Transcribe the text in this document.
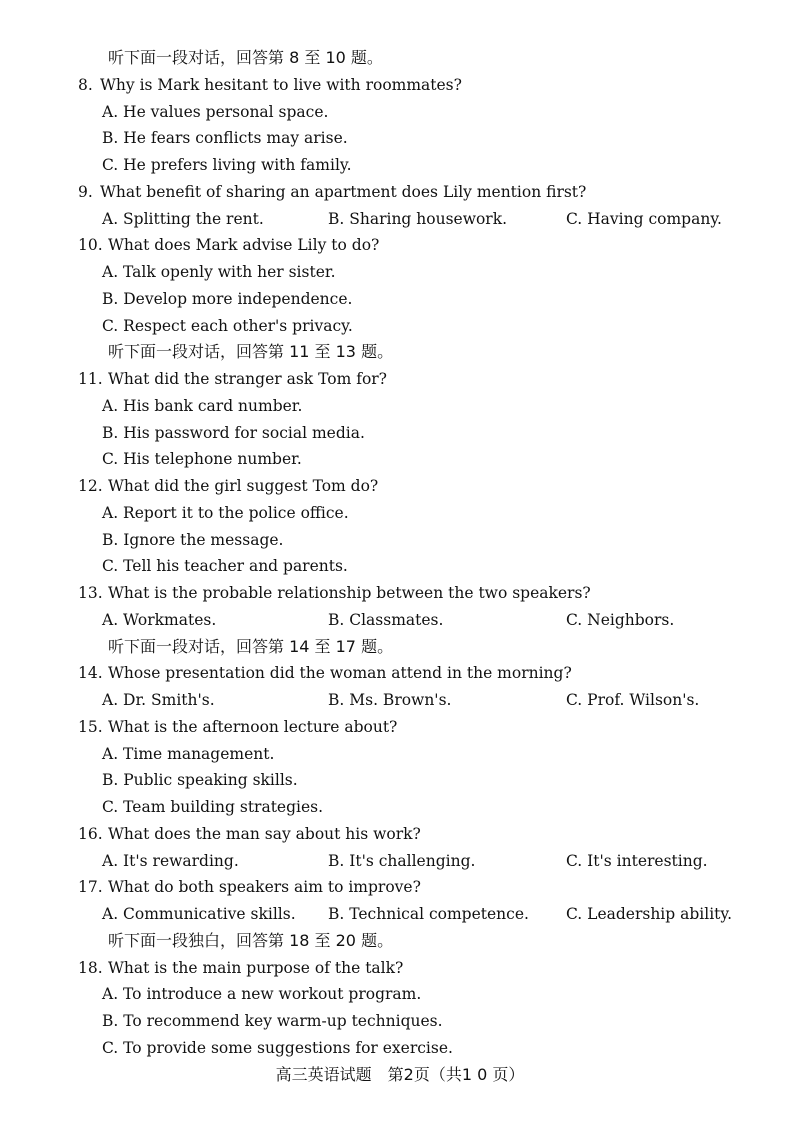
听下面一段对话，回答第 8 至 10 题。
8. Why is Mark hesitant to live with roommates?
A. He values personal space.
B. He fears conflicts may arise.
C. He prefers living with family.
9. What benefit of sharing an apartment does Lily mention first?
A. Splitting the rent.	B. Sharing housework.	C. Having company.
10. What does Mark advise Lily to do?
A. Talk openly with her sister.
B. Develop more independence.
C. Respect each other's privacy.
听下面一段对话，回答第 11 至 13 题。
11. What did the stranger ask Tom for?
A. His bank card number.
B. His password for social media.
C. His telephone number.
12. What did the girl suggest Tom do?
A. Report it to the police office.
B. Ignore the message.
C. Tell his teacher and parents.
13. What is the probable relationship between the two speakers?
A. Workmates.	B. Classmates.	C. Neighbors.
听下面一段对话，回答第 14 至 17 题。
14. Whose presentation did the woman attend in the morning?
A. Dr. Smith's.	B. Ms. Brown's.	C. Prof. Wilson's.
15. What is the afternoon lecture about?
A. Time management.
B. Public speaking skills.
C. Team building strategies.
16. What does the man say about his work?
A. It's rewarding.	B. It's challenging.	C. It's interesting.
17. What do both speakers aim to improve?
A. Communicative skills. B. Technical competence. C. Leadership ability.
听下面一段独白，回答第 18 至 20 题。
18. What is the main purpose of the talk?
A. To introduce a new workout program.
B. To recommend key warm-up techniques.
C. To provide some suggestions for exercise.
高三英语试题　第2页（共1 0 页）
